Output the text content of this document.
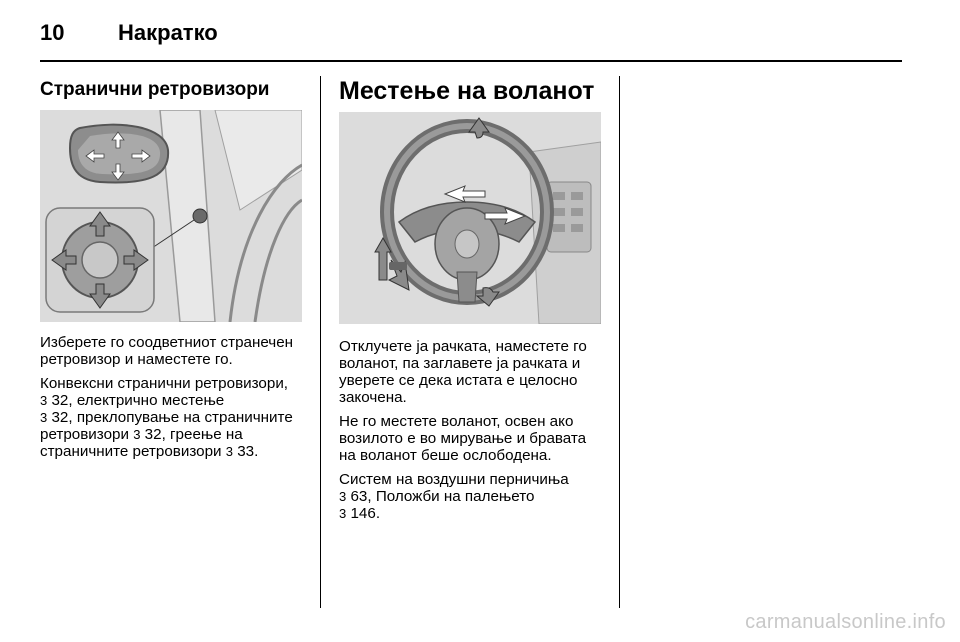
10 Накратко
Странични ретровизори
Изберете го соодветниот странечен ретровизор и наместете го.
Конвексни странични ретровизори,
3 32, електрично местење
3 32, преклопување на страничните ретровизори 3 32, греење на страничните ретровизори 3 33.
Местење на воланот
Отклучете ја рачката, наместете го воланот, па заглавете ја рачката и уверете се дека истата е целосно закочена.
Не го местете воланот, освен ако возилото е во мирување и бравата на воланот беше ослободена.
Систем на воздушни перничиња
3 63, Положби на палењето
3 146.
carmanualsonline.info
